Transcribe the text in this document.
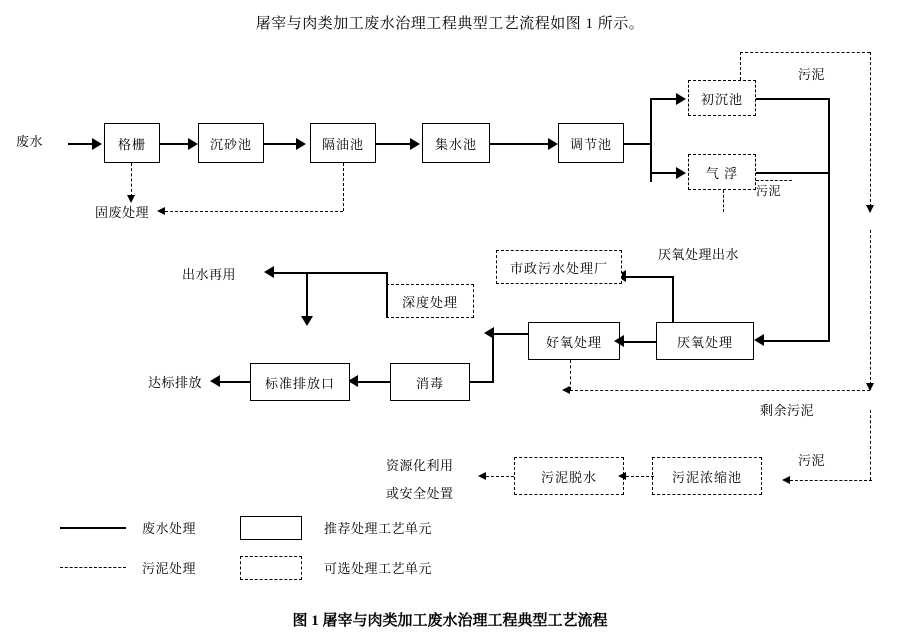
屠宰与肉类加工废水治理工程典型工艺流程如图 1 所示。
废水	格栅	沉砂池	隔油池	集水池	调节池
固废处理
初沉池
气 浮
污泥
污泥
厌氧处理
好氧处理
厌氧处理出水
市政污水处理厂
消毒
标准排放口
达标排放
深度处理
出水再用
剩余污泥
污泥浓缩池
污泥脱水
资源化利用
或安全处置
污泥
废水处理	推荐处理工艺单元
污泥处理	可选处理工艺单元
图 1 屠宰与肉类加工废水治理工程典型工艺流程
